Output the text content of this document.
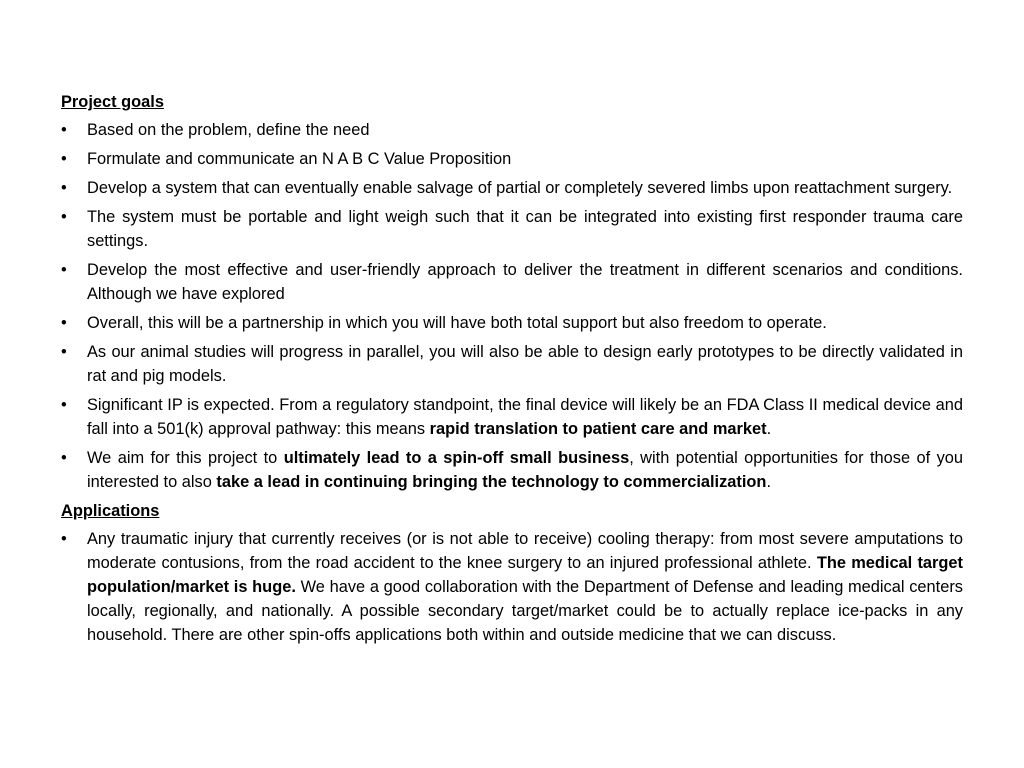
Project goals
•	Based on the problem, define the need
•	Formulate and communicate an N A B C Value Proposition
•	Develop a system that can eventually enable salvage of partial or completely severed limbs upon reattachment surgery.
•	The system must be portable and light weigh such that it can be integrated into existing first responder trauma care settings.
•	Develop the most effective and user-friendly approach to deliver the treatment in different scenarios and conditions. Although we have explored
•	Overall, this will be a partnership in which you will have both total support but also freedom to operate.
•	As our animal studies will progress in parallel, you will also be able to design early prototypes to be directly validated in rat and pig models.
•	Significant IP is expected. From a regulatory standpoint, the final device will likely be an FDA Class II medical device and fall into a 501(k) approval pathway: this means rapid translation to patient care and market.
•	We aim for this project to ultimately lead to a spin-off small business, with potential opportunities for those of you interested to also take a lead in continuing bringing the technology to commercialization.
Applications
•	Any traumatic injury that currently receives (or is not able to receive) cooling therapy: from most severe amputations to moderate contusions, from the road accident to the knee surgery to an injured professional athlete. The medical target population/market is huge. We have a good collaboration with the Department of Defense and leading medical centers locally, regionally, and nationally. A possible secondary target/market could be to actually replace ice-packs in any household. There are other spin-offs applications both within and outside medicine that we can discuss.
